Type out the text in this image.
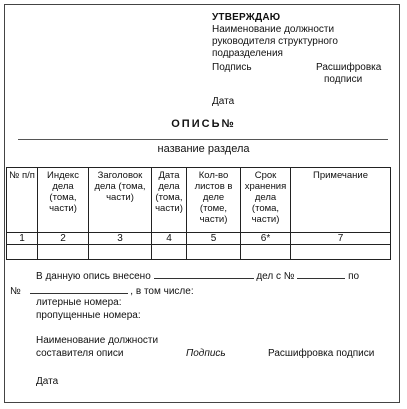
УТВЕРЖДАЮ
Наименование должности
руководителя структурного
подразделения
Подпись	Расшифровка
подписи
Дата
ОПИСЬ№
название раздела
№ п/п	Индекс дела (тома, части)	Заголовок дела (тома, части)	Дата дела (тома, части)	Кол-во листов в деле (томе, части)	Срок хранения дела (тома, части)	Примечание
1	2	3	4	5	6*	7

В данную опись внесено	дел с №	по
№	, в том числе:
литерные номера:
пропущенные номера:
Наименование должности
составителя описи	Подпись	Расшифровка подписи
Дата
